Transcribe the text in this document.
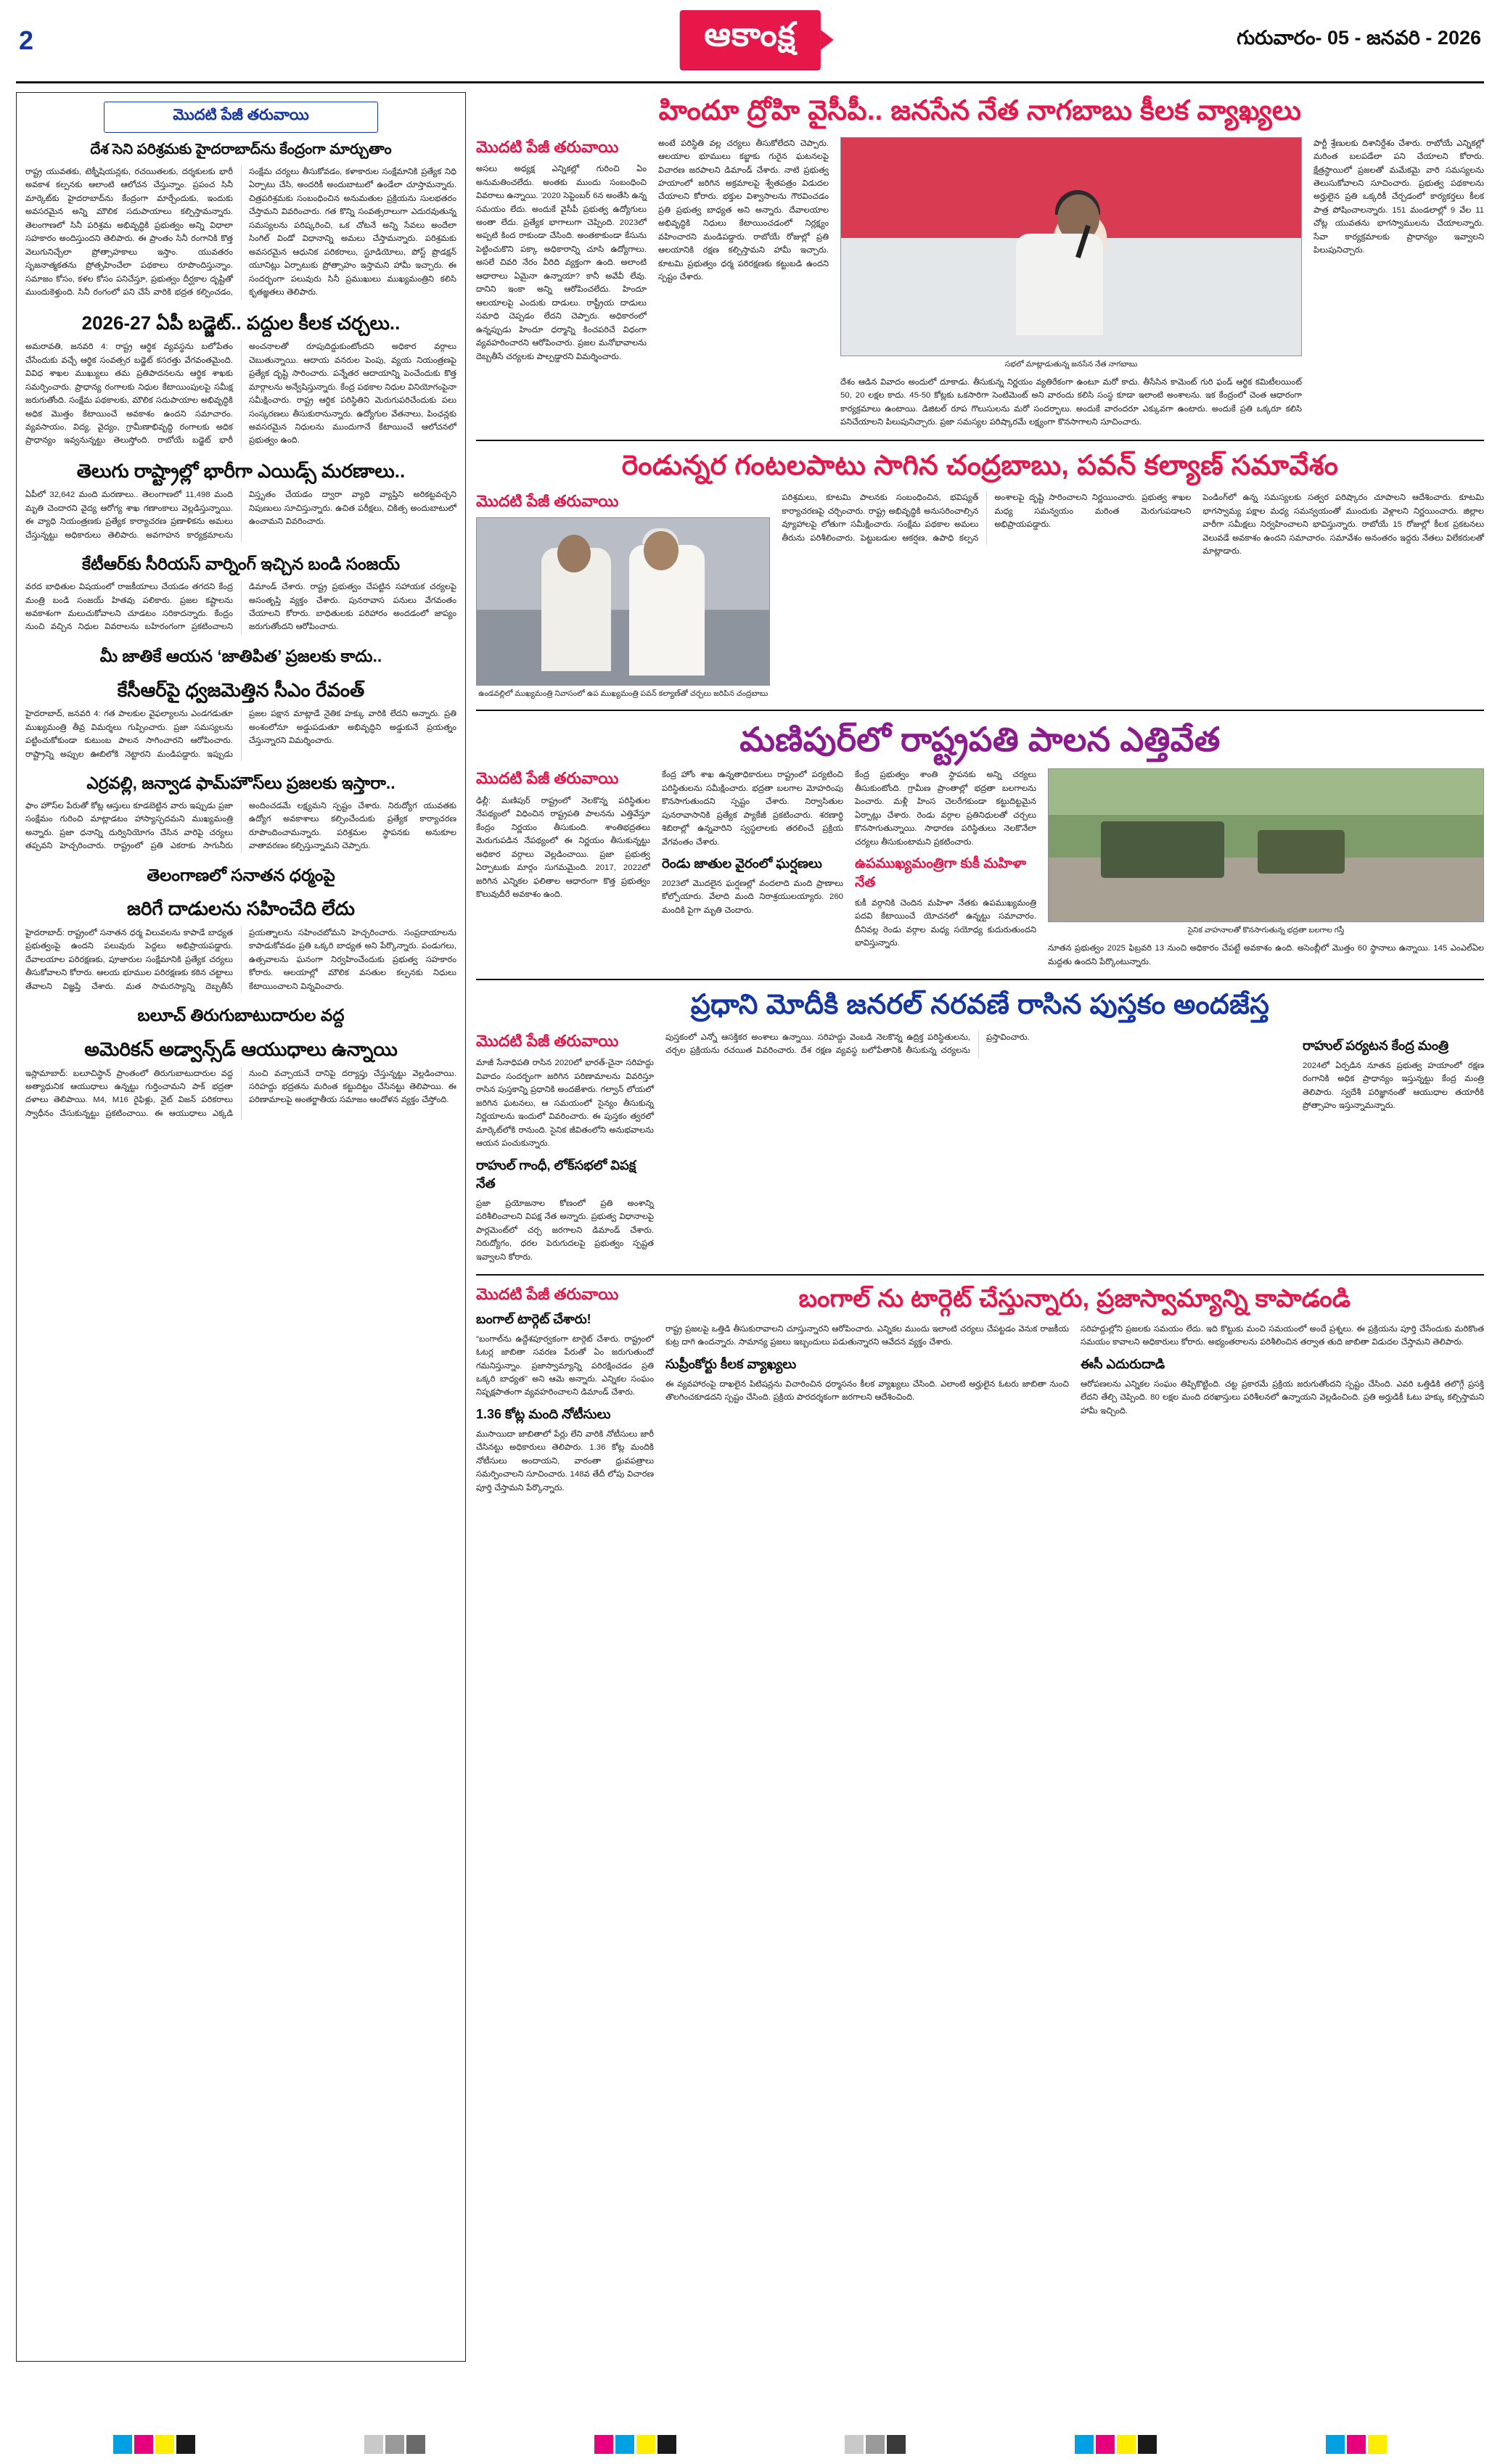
2	ఆకాంక్ష	గురువారం- 05 - జనవరి - 2026
మొదటి పేజీ తరువాయి
దేశ సెని పరిశ్రమకు హైదరాబాద్‌ను కేంద్రంగా మార్చుతాం
రాష్ట్ర యువతకు, టెక్నీషియన్లకు, రచయితలకు, దర్శకులకు భారీ అవకాశ కల్పనకు ఆలాంటి ఆలోచన చేస్తున్నాం. ప్రపంచ సినీ మార్కెట్‌కు హైదరాబాద్‌ను కేంద్రంగా మార్చేందుకు, ఇందుకు అవసరమైన అన్ని మౌలిక సదుపాయాలు కల్పిస్తామన్నారు. తెలంగాణలో సినీ పరిశ్రమ అభివృద్ధికి ప్రభుత్వం అన్ని విధాలా సహకారం అందిస్తుందని తెలిపారు. ఈ ప్రాంతం సినీ రంగానికి కొత్త వెలుగునిచ్చేలా ప్రోత్సాహకాలు ఇస్తాం. యువతరం సృజనాత్మకతను ప్రోత్సహించేలా పథకాలు రూపొందిస్తున్నాం. సమాజం కోసం, కళల కోసం పనిచేస్తూ, ప్రభుత్వం దీర్ఘకాల దృష్టితో ముందుకెళ్తుంది. సినీ రంగంలో పని చేసే వారికి భద్రత కల్పించడం, సంక్షేమ చర్యలు తీసుకోవడం, కళాకారుల సంక్షేమానికి ప్రత్యేక నిధి ఏర్పాటు చేసి, అందరికీ అందుబాటులో ఉండేలా చూస్తామన్నారు. చిత్రపరిశ్రమకు సంబంధించిన అనుమతుల ప్రక్రియను సులభతరం చేస్తామని వివరించారు. గత కొన్ని సంవత్సరాలుగా ఎదురవుతున్న సమస్యలను పరిష్కరించి, ఒక చోటనే అన్ని సేవలు అందేలా సింగిల్ విండో విధానాన్ని అమలు చేస్తామన్నారు. పరిశ్రమకు అవసరమైన ఆధునిక పరికరాలు, స్టూడియోలు, పోస్ట్ ప్రొడక్షన్ యూనిట్లు ఏర్పాటుకు ప్రోత్సాహం ఇస్తామని హామీ ఇచ్చారు. ఈ సందర్భంగా పలువురు సినీ ప్రముఖులు ముఖ్యమంత్రిని కలిసి కృతజ్ఞతలు తెలిపారు.
2026-27 ఏపీ బడ్జెట్.. పద్దుల కీలక చర్చలు..
అమరావతి, జనవరి 4: రాష్ట్ర ఆర్థిక వ్యవస్థను బలోపేతం చేసేందుకు వచ్చే ఆర్థిక సంవత్సర బడ్జెట్ కసరత్తు వేగవంతమైంది. వివిధ శాఖల ముఖ్యులు తమ ప్రతిపాదనలను ఆర్థిక శాఖకు సమర్పించారు. ప్రాధాన్య రంగాలకు నిధుల కేటాయింపులపై సమీక్ష జరుగుతోంది. సంక్షేమ పథకాలకు, మౌలిక సదుపాయాల అభివృద్ధికి అధిక మొత్తం కేటాయించే అవకాశం ఉందని సమాచారం. వ్యవసాయం, విద్య, వైద్యం, గ్రామీణాభివృద్ధి రంగాలకు అధిక ప్రాధాన్యం ఇవ్వనున్నట్టు తెలుస్తోంది. రాబోయే బడ్జెట్ భారీ అంచనాలతో రూపుదిద్దుకుంటోందని అధికార వర్గాలు చెబుతున్నాయి. ఆదాయ వనరుల పెంపు, వ్యయ నియంత్రణపై ప్రత్యేక దృష్టి సారించారు. పన్నేతర ఆదాయాన్ని పెంచేందుకు కొత్త మార్గాలను అన్వేషిస్తున్నారు. కేంద్ర పథకాల నిధుల వినియోగంపైనా సమీక్షించారు. రాష్ట్ర ఆర్థిక పరిస్థితిని మెరుగుపరిచేందుకు పలు సంస్కరణలు తీసుకురానున్నారు. ఉద్యోగుల వేతనాలు, పింఛన్లకు అవసరమైన నిధులను ముందుగానే కేటాయించే ఆలోచనలో ప్రభుత్వం ఉంది.
తెలుగు రాష్ట్రాల్లో భారీగా ఎయిడ్స్ మరణాలు..
ఏపీలో 32,642 మంది మరణాలు.. తెలంగాణలో 11,498 మంది మృతి చెందారని వైద్య ఆరోగ్య శాఖ గణాంకాలు వెల్లడిస్తున్నాయి. ఈ వ్యాధి నియంత్రణకు ప్రత్యేక కార్యాచరణ ప్రణాళికను అమలు చేస్తున్నట్టు అధికారులు తెలిపారు. అవగాహన కార్యక్రమాలను విస్తృతం చేయడం ద్వారా వ్యాధి వ్యాప్తిని అరికట్టవచ్చని నిపుణులు సూచిస్తున్నారు. ఉచిత పరీక్షలు, చికిత్స అందుబాటులో ఉంచామని వివరించారు.
కేటీఆర్‌కు సీరియస్ వార్నింగ్ ఇచ్చిన బండి సంజయ్
వరద బాధితుల విషయంలో రాజకీయాలు చేయడం తగదని కేంద్ర మంత్రి బండి సంజయ్ హితవు పలికారు. ప్రజల కష్టాలను అవకాశంగా మలుచుకోవాలని చూడటం సరికాదన్నారు. కేంద్రం నుంచి వచ్చిన నిధుల వివరాలను బహిరంగంగా ప్రకటించాలని డిమాండ్ చేశారు. రాష్ట్ర ప్రభుత్వం చేపట్టిన సహాయక చర్యలపై అసంతృప్తి వ్యక్తం చేశారు. పునరావాస పనులు వేగవంతం చేయాలని కోరారు. బాధితులకు పరిహారం అందడంలో జాప్యం జరుగుతోందని ఆరోపించారు.
మీ జాతికే ఆయన ‘జాతిపిత’ ప్రజలకు కాదు..
కేసీఆర్‌పై ధ్వజమెత్తిన సీఎం రేవంత్
హైదరాబాద్, జనవరి 4: గత పాలకుల వైఫల్యాలను ఎండగడుతూ ముఖ్యమంత్రి తీవ్ర విమర్శలు గుప్పించారు. ప్రజా సమస్యలను పట్టించుకోకుండా కుటుంబ పాలన సాగించారని ఆరోపించారు. రాష్ట్రాన్ని అప్పుల ఊబిలోకి నెట్టారని మండిపడ్డారు. ఇప్పుడు ప్రజల పక్షాన మాట్లాడే నైతిక హక్కు వారికి లేదని అన్నారు. ప్రతి అంశంలోనూ అడ్డుపడుతూ అభివృద్ధిని అడ్డుకునే ప్రయత్నం చేస్తున్నారని విమర్శించారు.
ఎర్రవల్లి, జన్వాడ ఫామ్‌హౌస్‌లు ప్రజలకు ఇస్తారా..
ఫాం హౌస్‌ల పేరుతో కోట్ల ఆస్తులు కూడబెట్టిన వారు ఇప్పుడు ప్రజా సంక్షేమం గురించి మాట్లాడటం హాస్యాస్పదమని ముఖ్యమంత్రి అన్నారు. ప్రజా ధనాన్ని దుర్వినియోగం చేసిన వారిపై చర్యలు తప్పవని హెచ్చరించారు. రాష్ట్రంలో ప్రతి ఎకరాకు సాగునీరు అందించడమే లక్ష్యమని స్పష్టం చేశారు. నిరుద్యోగ యువతకు ఉద్యోగ అవకాశాలు కల్పించేందుకు ప్రత్యేక కార్యాచరణ రూపొందించామన్నారు. పరిశ్రమల స్థాపనకు అనుకూల వాతావరణం కల్పిస్తున్నామని చెప్పారు.
తెలంగాణలో సనాతన ధర్మంపై
జరిగే దాడులను సహించేది లేదు
హైదరాబాద్: రాష్ట్రంలో సనాతన ధర్మ విలువలను కాపాడే బాధ్యత ప్రభుత్వంపై ఉందని పలువురు పెద్దలు అభిప్రాయపడ్డారు. దేవాలయాల పరిరక్షణకు, పూజారుల సంక్షేమానికి ప్రత్యేక చర్యలు తీసుకోవాలని కోరారు. ఆలయ భూముల పరిరక్షణకు కఠిన చట్టాలు తేవాలని విజ్ఞప్తి చేశారు. మత సామరస్యాన్ని దెబ్బతీసే ప్రయత్నాలను సహించబోమని హెచ్చరించారు. సంప్రదాయాలను కాపాడుకోవడం ప్రతి ఒక్కరి బాధ్యత అని పేర్కొన్నారు. పండుగలు, ఉత్సవాలను ఘనంగా నిర్వహించేందుకు ప్రభుత్వ సహకారం కోరారు. ఆలయాల్లో మౌలిక వసతుల కల్పనకు నిధులు కేటాయించాలని విన్నవించారు.
బలూచ్ తిరుగుబాటుదారుల వద్ద
అమెరికన్ అడ్వాన్స్‌డ్ ఆయుధాలు ఉన్నాయి
ఇస్లామాబాద్: బలూచిస్థాన్ ప్రాంతంలో తిరుగుబాటుదారుల వద్ద అత్యాధునిక ఆయుధాలు ఉన్నట్టు గుర్తించామని పాక్ భద్రతా దళాలు తెలిపాయి. M4, M16 రైఫిళ్లు, నైట్ విజన్ పరికరాలు స్వాధీనం చేసుకున్నట్టు ప్రకటించాయి. ఈ ఆయుధాలు ఎక్కడి నుంచి వచ్చాయనే దానిపై దర్యాప్తు చేస్తున్నట్టు వెల్లడించాయి. సరిహద్దు భద్రతను మరింత కట్టుదిట్టం చేసినట్టు తెలిపాయి. ఈ పరిణామాలపై అంతర్జాతీయ సమాజం ఆందోళన వ్యక్తం చేస్తోంది.
హిందూ ద్రోహి వైసీపీ.. జనసేన నేత నాగబాబు కీలక వ్యాఖ్యలు
మొదటి పేజీ తరువాయి
అసలు అధ్యక్ష ఎన్నికల్లో గురించి ఏం అనుమతించలేదు. అంతకు ముందు సంబంధించి వివరాలు ఉన్నాయి. '2020 సెప్టెంబర్ 6న అంతేసి ఉన్న సమయం లేదు. అందుకే వైసీపీ ప్రభుత్వ ఉద్యోగులు అంతా లేదు. ప్రత్యేక భాగాలుగా చెప్పింది. 2023లో అప్పటి కింద రాకుండా చేసింది. అంతకాకుండా కేసును పెట్టించుకొని పక్కా అధికారాన్ని చూసి ఉద్యోగాలు. అసలే చివరి నేరం వీరిది వ్యక్తంగా ఉంది. అలాంటి ఆధారాలు ఏమైనా ఉన్నాయా? కానీ అవేవీ లేవు. దానిని ఇంకా అన్ని ఆరోపించలేదు. హిందూ ఆలయాలపై ఎందుకు దాడులు. రాష్ట్రీయ దాడులు సమాధి చెప్పడం లేదని చెప్పారు. అధికారంలో ఉన్నప్పుడు హిందూ ధర్మాన్ని కించపరిచే విధంగా వ్యవహరించారని ఆరోపించారు. ప్రజల మనోభావాలను దెబ్బతీసే చర్యలకు పాల్పడ్డారని విమర్శించారు.
అంటే పరిస్థితి వల్ల చర్యలు తీసుకోలేదని చెప్పారు. ఆలయాల భూములు కబ్జాకు గురైన ఘటనలపై విచారణ జరపాలని డిమాండ్ చేశారు. నాటి ప్రభుత్వ హయాంలో జరిగిన అక్రమాలపై శ్వేతపత్రం విడుదల చేయాలని కోరారు. భక్తుల విశ్వాసాలను గౌరవించడం ప్రతి ప్రభుత్వ బాధ్యత అని అన్నారు. దేవాలయాల అభివృద్ధికి నిధులు కేటాయించడంలో నిర్లక్ష్యం వహించారని మండిపడ్డారు. రాబోయే రోజుల్లో ప్రతి ఆలయానికి రక్షణ కల్పిస్తామని హామీ ఇచ్చారు. కూటమి ప్రభుత్వం ధర్మ పరిరక్షణకు కట్టుబడి ఉందని స్పష్టం చేశారు.
సభలో మాట్లాడుతున్న జనసేన నేత నాగబాబు
దేశం ఆడిన వివాదం అందులో దూకాడు. తీసుకున్న నిర్ణయం వ్యతిరేకంగా ఉంటూ మరో కాదు. తీసేసిన కామెంట్ గురి ఫండ్ ఆర్థిక కమిటీలయింట్ 50, 20 లక్షల కాదు. 45-50 కోట్లకు ఒకసారిగా సెంటిమెంట్ అని వారందు కలిసి సంస్థ కూడా ఇలాంటి అంశాలను. ఇక కేంద్రంలో చెంత ఆధారంగా కార్యక్రమాలు ఉంటాయి. డిజిటల్ రూప గొలుసులను మరో సందర్భాలు. అందుకే వారందరూ ఎక్కువగా ఉంటారు. అందుకే ప్రతి ఒక్కరూ కలిసి పనిచేయాలని పిలుపునిచ్చారు. ప్రజా సమస్యల పరిష్కారమే లక్ష్యంగా కొనసాగాలని సూచించారు.
పార్టీ శ్రేణులకు దిశానిర్దేశం చేశారు. రాబోయే ఎన్నికల్లో మరింత బలపడేలా పని చేయాలని కోరారు. క్షేత్రస్థాయిలో ప్రజలతో మమేకమై వారి సమస్యలను తెలుసుకోవాలని సూచించారు. ప్రభుత్వ పథకాలను అర్హులైన ప్రతి ఒక్కరికీ చేర్చడంలో కార్యకర్తలు కీలక పాత్ర పోషించాలన్నారు. 151 మండలాల్లో 9 వేల 11 చోట్ల యువతను భాగస్వాములను చేయాలన్నారు. సేవా కార్యక్రమాలకు ప్రాధాన్యం ఇవ్వాలని పిలుపునిచ్చారు.
రెండున్నర గంటలపాటు సాగిన చంద్రబాబు, పవన్ కల్యాణ్ సమావేశం
మొదటి పేజీ తరువాయి
ఉండవల్లిలో ముఖ్యమంత్రి నివాసంలో ఉప ముఖ్యమంత్రి పవన్ కల్యాణ్‌తో చర్చలు జరిపిన చంద్రబాబు
పరిశ్రమలు, కూటమి పాలనకు సంబంధించిన, భవిష్యత్ కార్యాచరణపై చర్చించారు. రాష్ట్ర అభివృద్ధికి అనుసరించాల్సిన వ్యూహాలపై లోతుగా సమీక్షించారు. సంక్షేమ పథకాల అమలు తీరును పరిశీలించారు. పెట్టుబడుల ఆకర్షణ, ఉపాధి కల్పన అంశాలపై దృష్టి సారించాలని నిర్ణయించారు. ప్రభుత్వ శాఖల మధ్య సమన్వయం మరింత మెరుగుపడాలని అభిప్రాయపడ్డారు.
పెండింగ్‌లో ఉన్న సమస్యలకు సత్వర పరిష్కారం చూపాలని ఆదేశించారు. కూటమి భాగస్వామ్య పక్షాల మధ్య సమన్వయంతో ముందుకు వెళ్లాలని నిర్ణయించారు. జిల్లాల వారీగా సమీక్షలు నిర్వహించాలని భావిస్తున్నారు. రాబోయే 15 రోజుల్లో కీలక ప్రకటనలు వెలువడే అవకాశం ఉందని సమాచారం. సమావేశం అనంతరం ఇద్దరు నేతలు విలేకరులతో మాట్లాడారు.
మణిపుర్‌లో రాష్ట్రపతి పాలన ఎత్తివేత
మొదటి పేజీ తరువాయి
ఢిల్లీ: మణిపుర్ రాష్ట్రంలో నెలకొన్న పరిస్థితుల నేపథ్యంలో విధించిన రాష్ట్రపతి పాలనను ఎత్తివేస్తూ కేంద్రం నిర్ణయం తీసుకుంది. శాంతిభద్రతలు మెరుగుపడిన నేపథ్యంలో ఈ నిర్ణయం తీసుకున్నట్టు అధికార వర్గాలు వెల్లడించాయి. ప్రజా ప్రభుత్వ ఏర్పాటుకు మార్గం సుగమమైంది. 2017, 2022లో జరిగిన ఎన్నికల ఫలితాల ఆధారంగా కొత్త ప్రభుత్వం కొలువుదీరే అవకాశం ఉంది.
కేంద్ర హోం శాఖ ఉన్నతాధికారులు రాష్ట్రంలో పర్యటించి పరిస్థితులను సమీక్షించారు. భద్రతా బలగాల మోహరింపు కొనసాగుతుందని స్పష్టం చేశారు. నిర్వాసితుల పునరావాసానికి ప్రత్యేక ప్యాకేజీ ప్రకటించారు. శరణార్థి శిబిరాల్లో ఉన్నవారిని స్వస్థలాలకు తరలించే ప్రక్రియ వేగవంతం చేశారు.
రెండు జాతుల వైరంలో ఘర్షణలు
2023లో మొదలైన ఘర్షణల్లో వందలాది మంది ప్రాణాలు కోల్పోయారు. వేలాది మంది నిరాశ్రయులయ్యారు. 260 మందికి పైగా మృతి చెందారు.
కేంద్ర ప్రభుత్వం శాంతి స్థాపనకు అన్ని చర్యలు తీసుకుంటోంది. గ్రామీణ ప్రాంతాల్లో భద్రతా బలగాలను పెంచారు. మళ్లీ హింస చెలరేగకుండా కట్టుదిట్టమైన ఏర్పాట్లు చేశారు. రెండు వర్గాల ప్రతినిధులతో చర్చలు కొనసాగుతున్నాయి. సాధారణ పరిస్థితులు నెలకొనేలా చర్యలు తీసుకుంటామని ప్రకటించారు.
ఉపముఖ్యమంత్రిగా కుకీ మహిళా నేత
కుకీ వర్గానికి చెందిన మహిళా నేతకు ఉపముఖ్యమంత్రి పదవి కేటాయించే యోచనలో ఉన్నట్టు సమాచారం. దీనివల్ల రెండు వర్గాల మధ్య సయోధ్య కుదురుతుందని భావిస్తున్నారు.
సైనిక వాహనాలతో కొనసాగుతున్న భద్రతా బలగాల గస్తీ
నూతన ప్రభుత్వం 2025 ఫిబ్రవరి 13 నుంచి అధికారం చేపట్టే అవకాశం ఉంది. అసెంబ్లీలో మొత్తం 60 స్థానాలు ఉన్నాయి. 145 ఎంఎల్ఏల మద్దతు ఉందని పేర్కొంటున్నారు.
ప్రధాని మోదీకి జనరల్ నరవణే రాసిన పుస్తకం అందజేస్త
మొదటి పేజీ తరువాయి
మాజీ సేనాధిపతి రాసిన 2020లో భారత్-చైనా సరిహద్దు వివాదం సందర్భంగా జరిగిన పరిణామాలను వివరిస్తూ రాసిన పుస్తకాన్ని ప్రధానికి అందజేశారు. గల్వాన్ లోయలో జరిగిన ఘటనలు, ఆ సమయంలో సైన్యం తీసుకున్న నిర్ణయాలను ఇందులో వివరించారు. ఈ పుస్తకం త్వరలో మార్కెట్‌లోకి రానుంది. సైనిక జీవితంలోని అనుభవాలను ఆయన పంచుకున్నారు.
రాహుల్ గాంధీ, లోక్‌సభలో విపక్ష నేత
ప్రజా ప్రయోజనాల కోణంలో ప్రతి అంశాన్ని పరిశీలించాలని విపక్ష నేత అన్నారు. ప్రభుత్వ విధానాలపై పార్లమెంట్‌లో చర్చ జరగాలని డిమాండ్ చేశారు. నిరుద్యోగం, ధరల పెరుగుదలపై ప్రభుత్వం స్పష్టత ఇవ్వాలని కోరారు.
పుస్తకంలో ఎన్నో ఆసక్తికర అంశాలు ఉన్నాయి. సరిహద్దు వెంబడి నెలకొన్న ఉద్రిక్త పరిస్థితులను, చర్చల ప్రక్రియను రచయిత వివరించారు. దేశ రక్షణ వ్యవస్థ బలోపేతానికి తీసుకున్న చర్యలను ప్రస్తావించారు.
రాహుల్ పర్యటన కేంద్ర మంత్రి
2024లో ఏర్పడిన నూతన ప్రభుత్వ హయాంలో రక్షణ రంగానికి అధిక ప్రాధాన్యం ఇస్తున్నట్టు కేంద్ర మంత్రి తెలిపారు. స్వదేశీ పరిజ్ఞానంతో ఆయుధాల తయారీకి ప్రోత్సాహం ఇస్తున్నామన్నారు.
మొదటి పేజీ తరువాయి
బంగాల్ టార్గెట్ చేశారు!
"బంగాల్‌ను ఉద్దేశపూర్వకంగా టార్గెట్ చేశారు. రాష్ట్రంలో ఓటర్ల జాబితా సవరణ పేరుతో ఏం జరుగుతుందో గమనిస్తున్నాం. ప్రజాస్వామ్యాన్ని పరిరక్షించడం ప్రతి ఒక్కరి బాధ్యత" అని ఆమె అన్నారు. ఎన్నికల సంఘం నిష్పక్షపాతంగా వ్యవహరించాలని డిమాండ్ చేశారు.
1.36 కోట్ల మంది నోటీసులు
ముసాయిదా జాబితాలో పేర్లు లేని వారికి నోటీసులు జారీ చేసినట్టు అధికారులు తెలిపారు. 1.36 కోట్ల మందికి నోటీసులు అందాయని, వారంతా ధ్రువపత్రాలు సమర్పించాలని సూచించారు. 148వ తేదీ లోపు విచారణ పూర్తి చేస్తామని పేర్కొన్నారు.
బంగాల్ ను టార్గెట్ చేస్తున్నారు, ప్రజాస్వామ్యాన్ని కాపాడండి
రాష్ట్ర ప్రజలపై ఒత్తిడి తీసుకురావాలని చూస్తున్నారని ఆరోపించారు. ఎన్నికల ముందు ఇలాంటి చర్యలు చేపట్టడం వెనుక రాజకీయ కుట్ర దాగి ఉందన్నారు. సామాన్య ప్రజలు ఇబ్బందులు పడుతున్నారని ఆవేదన వ్యక్తం చేశారు.
సుప్రీంకోర్టు కీలక వ్యాఖ్యలు
ఈ వ్యవహారంపై దాఖలైన పిటిషన్లను విచారించిన ధర్మాసనం కీలక వ్యాఖ్యలు చేసింది. ఎలాంటి అర్హులైన ఓటరు జాబితా నుంచి తొలగించకూడదని స్పష్టం చేసింది. ప్రక్రియ పారదర్శకంగా జరగాలని ఆదేశించింది.
సరిహద్దుల్లోని ప్రజలకు సమయం లేదు. ఇది కొట్టుకు మంచి సమయంలో అందే ప్రశ్నలు. ఈ ప్రక్రియను పూర్తి చేసేందుకు మరికొంత సమయం కావాలని అధికారులు కోరారు. అభ్యంతరాలను పరిశీలించిన తర్వాత తుది జాబితా విడుదల చేస్తామని తెలిపారు.
ఈసీ ఎదురుదాడి
ఆరోపణలను ఎన్నికల సంఘం తిప్పికొట్టింది. చట్ట ప్రకారమే ప్రక్రియ జరుగుతోందని స్పష్టం చేసింది. ఎవరి ఒత్తిడికి తలొగ్గే ప్రసక్తి లేదని తేల్చి చెప్పింది. 80 లక్షల మంది దరఖాస్తులు పరిశీలనలో ఉన్నాయని వెల్లడించింది. ప్రతి అర్హుడికీ ఓటు హక్కు కల్పిస్తామని హామీ ఇచ్చింది.
